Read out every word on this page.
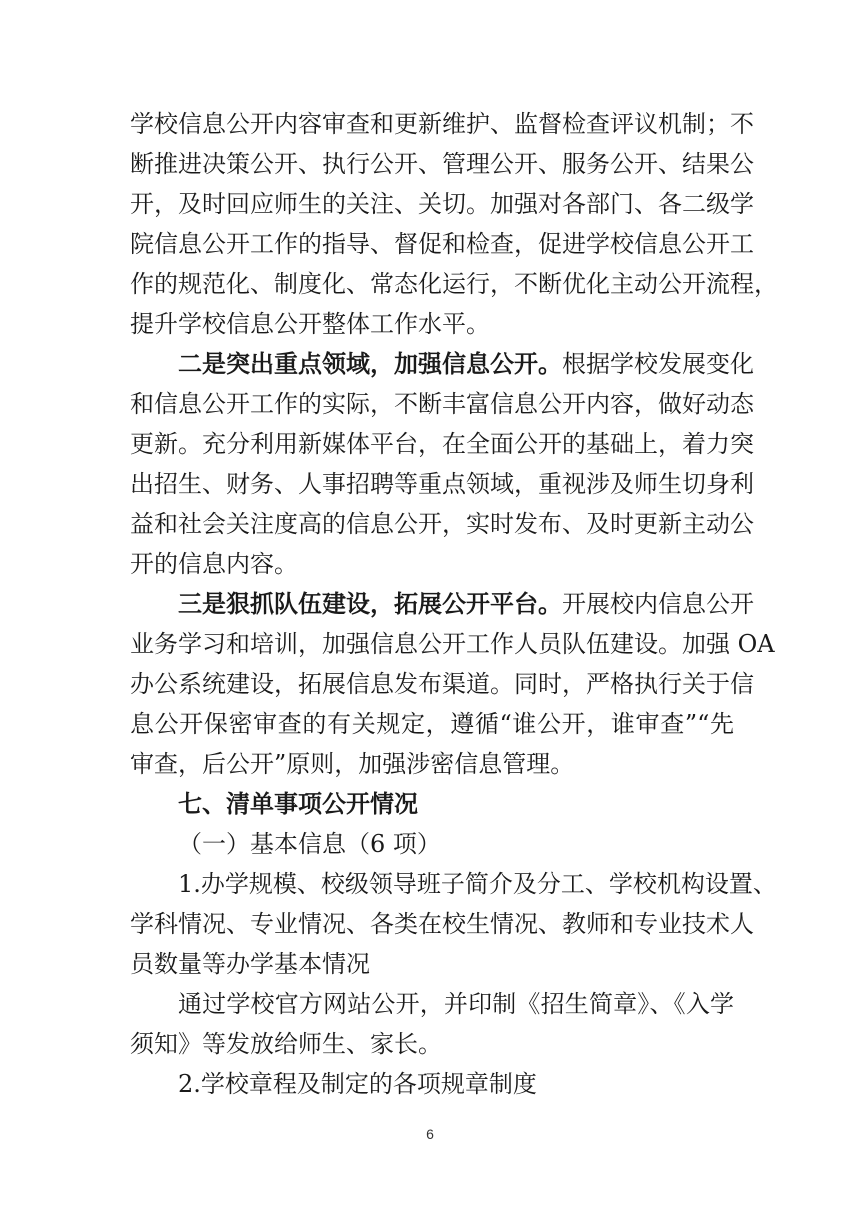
学校信息公开内容审查和更新维护、监督检查评议机制；不
断推进决策公开、执行公开、管理公开、服务公开、结果公
开，及时回应师生的关注、关切。加强对各部门、各二级学
院信息公开工作的指导、督促和检查，促进学校信息公开工
作的规范化、制度化、常态化运行，不断优化主动公开流程，
提升学校信息公开整体工作水平。
二是突出重点领域，加强信息公开。根据学校发展变化
和信息公开工作的实际，不断丰富信息公开内容，做好动态
更新。充分利用新媒体平台，在全面公开的基础上，着力突
出招生、财务、人事招聘等重点领域，重视涉及师生切身利
益和社会关注度高的信息公开，实时发布、及时更新主动公
开的信息内容。
三是狠抓队伍建设，拓展公开平台。开展校内信息公开
业务学习和培训，加强信息公开工作人员队伍建设。加强 OA
办公系统建设，拓展信息发布渠道。同时，严格执行关于信
息公开保密审查的有关规定，遵循“谁公开，谁审查”“先
审查，后公开”原则，加强涉密信息管理。
七、清单事项公开情况
（一）基本信息（6 项）
1.办学规模、校级领导班子简介及分工、学校机构设置、
学科情况、专业情况、各类在校生情况、教师和专业技术人
员数量等办学基本情况
通过学校官方网站公开，并印制《招生简章》、《入学
须知》等发放给师生、家长。
2.学校章程及制定的各项规章制度
6
